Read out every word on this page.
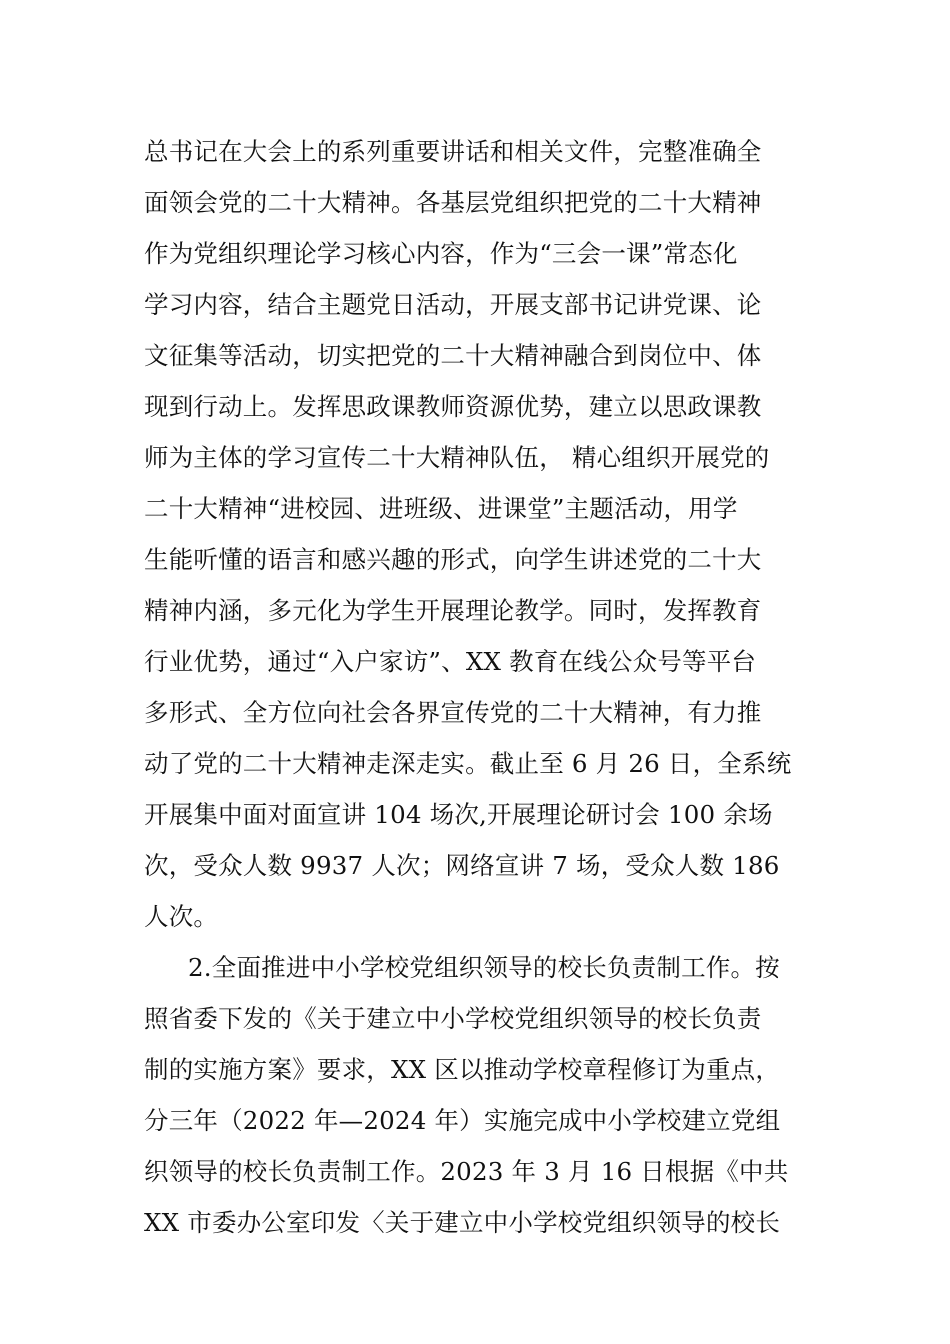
总书记在大会上的系列重要讲话和相关文件，完整准确全
面领会党的二十大精神。各基层党组织把党的二十大精神
作为党组织理论学习核心内容，作为“三会一课”常态化
学习内容，结合主题党日活动，开展支部书记讲党课、论
文征集等活动，切实把党的二十大精神融合到岗位中、体
现到行动上。发挥思政课教师资源优势，建立以思政课教
师为主体的学习宣传二十大精神队伍， 精心组织开展党的
二十大精神“进校园、进班级、进课堂”主题活动，用学
生能听懂的语言和感兴趣的形式，向学生讲述党的二十大
精神内涵，多元化为学生开展理论教学。同时，发挥教育
行业优势，通过“入户家访”、XX 教育在线公众号等平台
多形式、全方位向社会各界宣传党的二十大精神，有力推
动了党的二十大精神走深走实。截止至 6 月 26 日，全系统
开展集中面对面宣讲 104 场次,开展理论研讨会 100 余场
次，受众人数 9937 人次；网络宣讲 7 场，受众人数 186
人次。
2.全面推进中小学校党组织领导的校长负责制工作。按
照省委下发的《关于建立中小学校党组织领导的校长负责
制的实施方案》要求，XX 区以推动学校章程修订为重点，
分三年（2022 年—2024 年）实施完成中小学校建立党组
织领导的校长负责制工作。2023 年 3 月 16 日根据《中共
XX 市委办公室印发〈关于建立中小学校党组织领导的校长
